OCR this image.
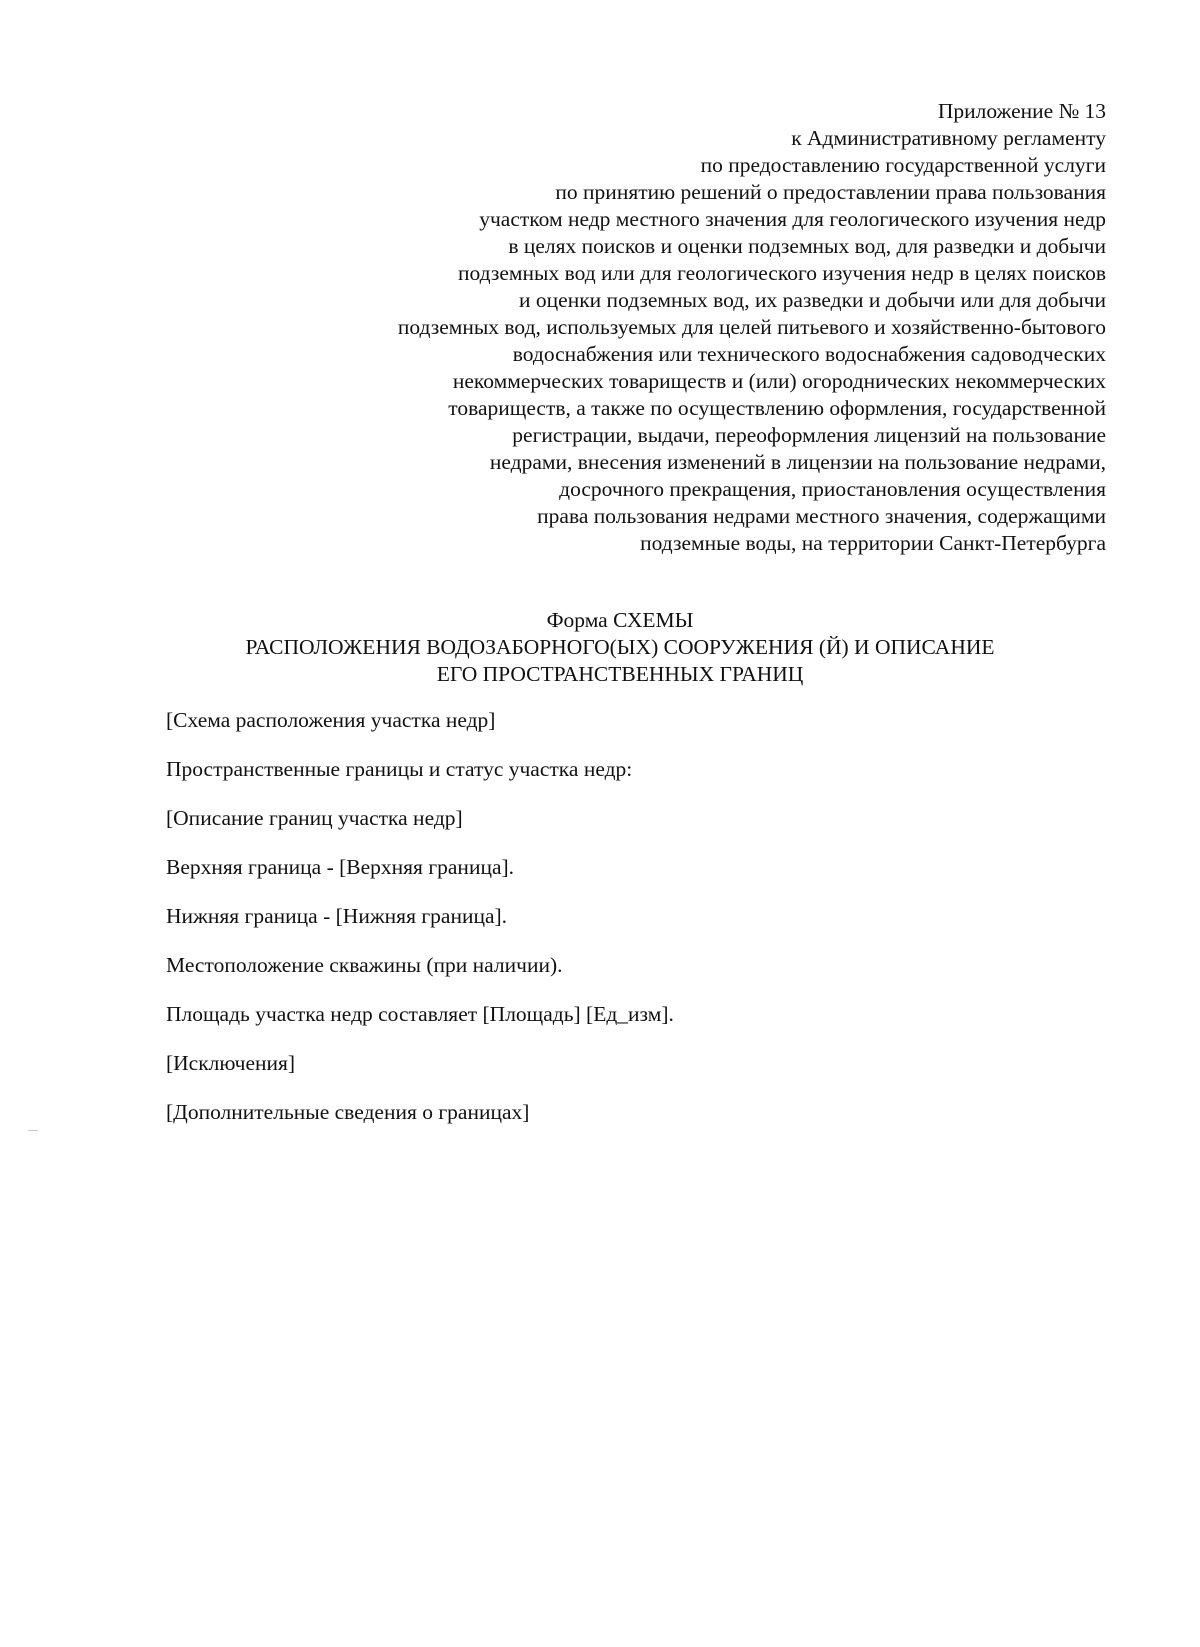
Приложение № 13
к Административному регламенту
по предоставлению государственной услуги
по принятию решений о предоставлении права пользования
участком недр местного значения для геологического изучения недр
в целях поисков и оценки подземных вод, для разведки и добычи
подземных вод или для геологического изучения недр в целях поисков
и оценки подземных вод, их разведки и добычи или для добычи
подземных вод, используемых для целей питьевого и хозяйственно-бытового
водоснабжения или технического водоснабжения садоводческих
некоммерческих товариществ и (или) огороднических некоммерческих
товариществ, а также по осуществлению оформления, государственной
регистрации, выдачи, переоформления лицензий на пользование
недрами, внесения изменений в лицензии на пользование недрами,
досрочного прекращения, приостановления осуществления
права пользования недрами местного значения, содержащими
подземные воды, на территории Санкт-Петербурга
Форма СХЕМЫ
РАСПОЛОЖЕНИЯ ВОДОЗАБОРНОГО(ЫХ) СООРУЖЕНИЯ (Й) И ОПИСАНИЕ
ЕГО ПРОСТРАНСТВЕННЫХ ГРАНИЦ
[Схема расположения участка недр]
Пространственные границы и статус участка недр:
[Описание границ участка недр]
Верхняя граница - [Верхняя граница].
Нижняя граница - [Нижняя граница].
Местоположение скважины (при наличии).
Площадь участка недр составляет [Площадь] [Ед_изм].
[Исключения]
[Дополнительные сведения о границах]
